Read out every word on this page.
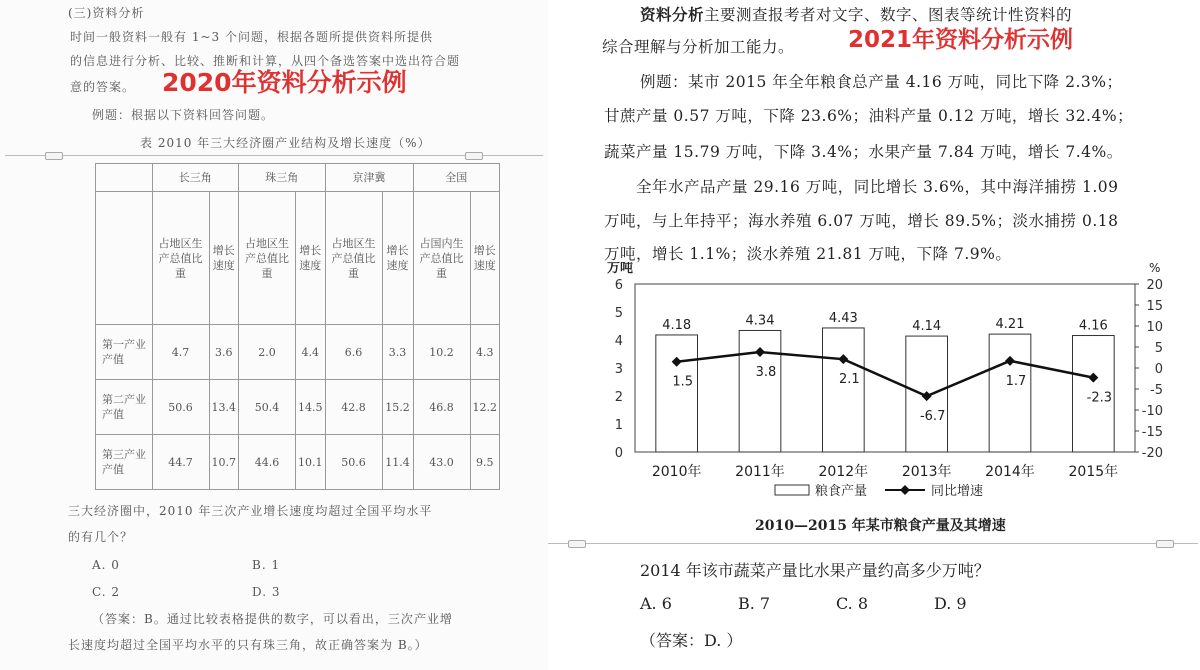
(三)资料分析
时间一般资料一般有 1~3 个问题，根据各题所提供资料所提供
的信息进行分析、比较、推断和计算，从四个备选答案中选出符合题
意的答案。
例题：根据以下资料回答问题。
2020年资料分析示例
表 2010 年三大经济圈产业结构及增长速度（%）
	长三角		珠三角		京津冀		全国	
	占地区生产总值比重	增长速度	占地区生产总值比重	增长速度	占地区生产总值比重	增长速度	占国内生产总值比重	增长速度
第一产业产值	4.7	3.6	2.0	4.4	6.6	3.3	10.2	4.3
第二产业产值	50.6	13.4	50.4	14.5	42.8	15.2	46.8	12.2
第三产业产值	44.7	10.7	44.6	10.1	50.6	11.4	43.0	9.5
三大经济圈中，2010 年三次产业增长速度均超过全国平均水平
的有几个？
A. 0	B. 1
C. 2	D. 3
（答案：B。通过比较表格提供的数字，可以看出，三次产业增
长速度均超过全国平均水平的只有珠三角，故正确答案为 B。）
资料分析主要测查报考者对文字、数字、图表等统计性资料的
综合理解与分析加工能力。 2021年资料分析示例
例题：某市 2015 年全年粮食总产量 4.16 万吨，同比下降 2.3%；
甘蔗产量 0.57 万吨，下降 23.6%；油料产量 0.12 万吨，增长 32.4%；
蔬菜产量 15.79 万吨，下降 3.4%；水果产量 7.84 万吨，增长 7.4%。
全年水产品产量 29.16 万吨，同比增长 3.6%，其中海洋捕捞 1.09
万吨，与上年持平；海水养殖 6.07 万吨，增长 89.5%；淡水捕捞 0.18
万吨，增长 1.1%；淡水养殖 21.81 万吨，下降 7.9%。
万吨	%
0
1
2
3
4
5
6
-20
-15
-10
-5
0
5
10
15
20
4.18	4.34	4.43
4.14	4.21	4.16
1.5
3.8	2.1
-6.7
1.7
-2.3
2010年 2011年 2012年 2013年 2014年 2015年
粮食产量	同比增速
2010—2015 年某市粮食产量及其增速
2014 年该市蔬菜产量比水果产量约高多少万吨？
A. 6	B. 7	C. 8	D. 9
（答案：D. ）
